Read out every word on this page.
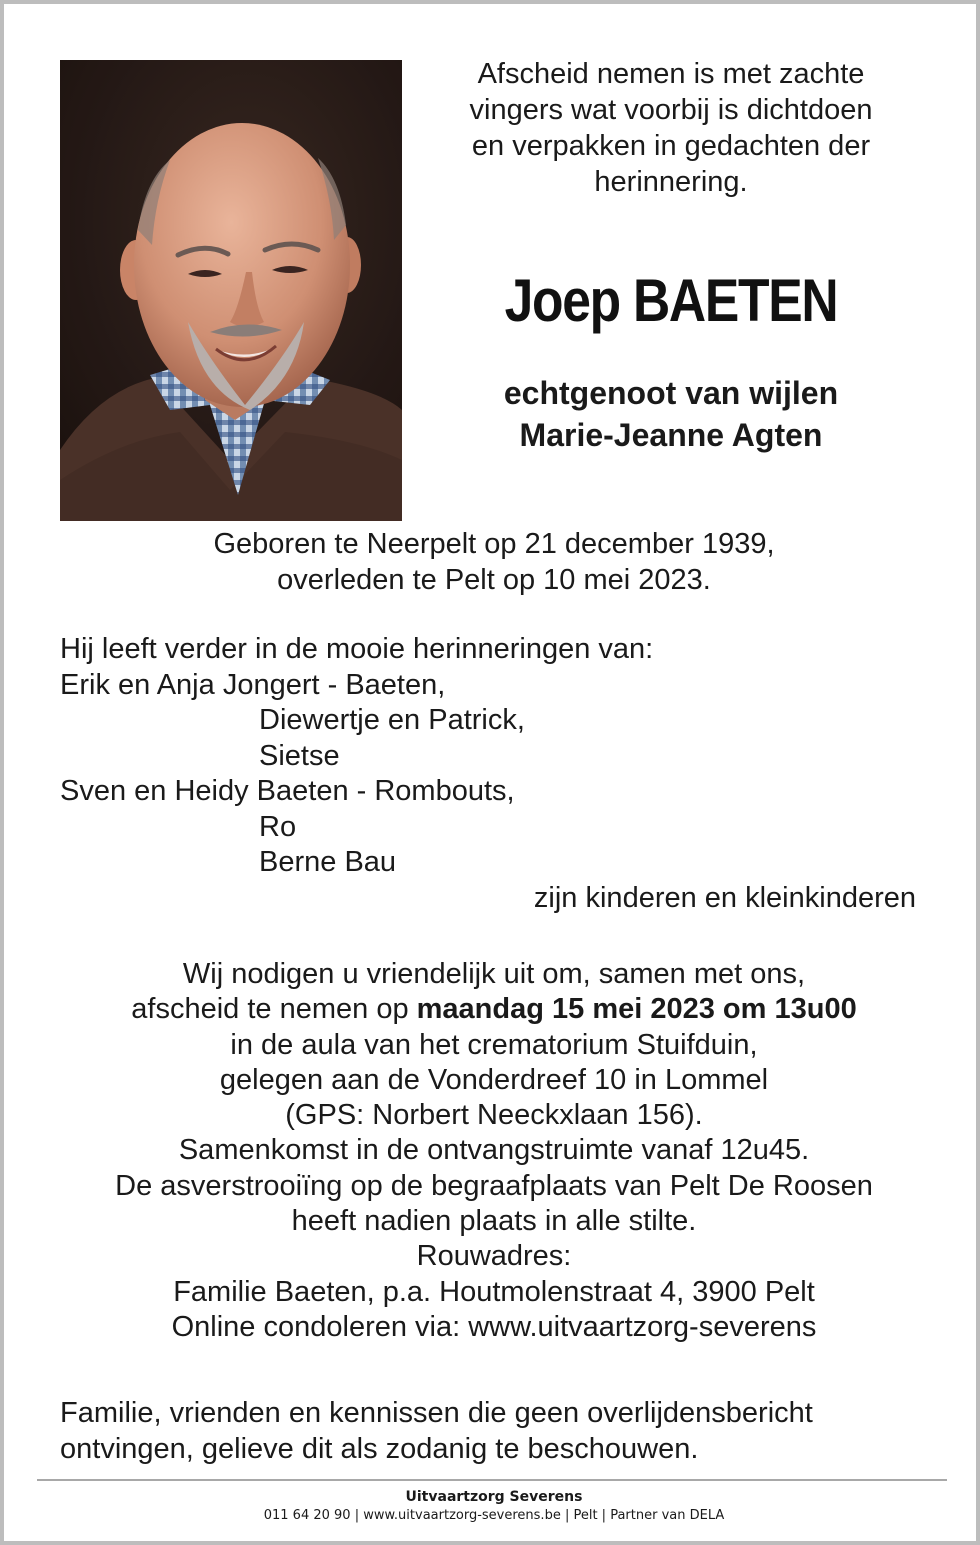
Afscheid nemen is met zachte
vingers wat voorbij is dichtdoen
en verpakken in gedachten der
herinnering.
Joep BAETEN
echtgenoot van wijlen
Marie-Jeanne Agten
Geboren te Neerpelt op 21 december 1939,
overleden te Pelt op 10 mei 2023.
Hij leeft verder in de mooie herinneringen van:
Erik en Anja Jongert - Baeten,
Diewertje en Patrick,
Sietse
Sven en Heidy Baeten - Rombouts,
Ro
Berne Bau
zijn kinderen en kleinkinderen
Wij nodigen u vriendelijk uit om, samen met ons,
afscheid te nemen op maandag 15 mei 2023 om 13u00
in de aula van het crematorium Stuifduin,
gelegen aan de Vonderdreef 10 in Lommel
(GPS: Norbert Neeckxlaan 156).
Samenkomst in de ontvangstruimte vanaf 12u45.
De asverstrooiïng op de begraafplaats van Pelt De Roosen
heeft nadien plaats in alle stilte.
Rouwadres:
Familie Baeten, p.a. Houtmolenstraat 4, 3900 Pelt
Online condoleren via: www.uitvaartzorg-severens
Familie, vrienden en kennissen die geen overlijdensbericht
ontvingen, gelieve dit als zodanig te beschouwen.
Uitvaartzorg Severens
011 64 20 90 | www.uitvaartzorg-severens.be | Pelt | Partner van DELA
